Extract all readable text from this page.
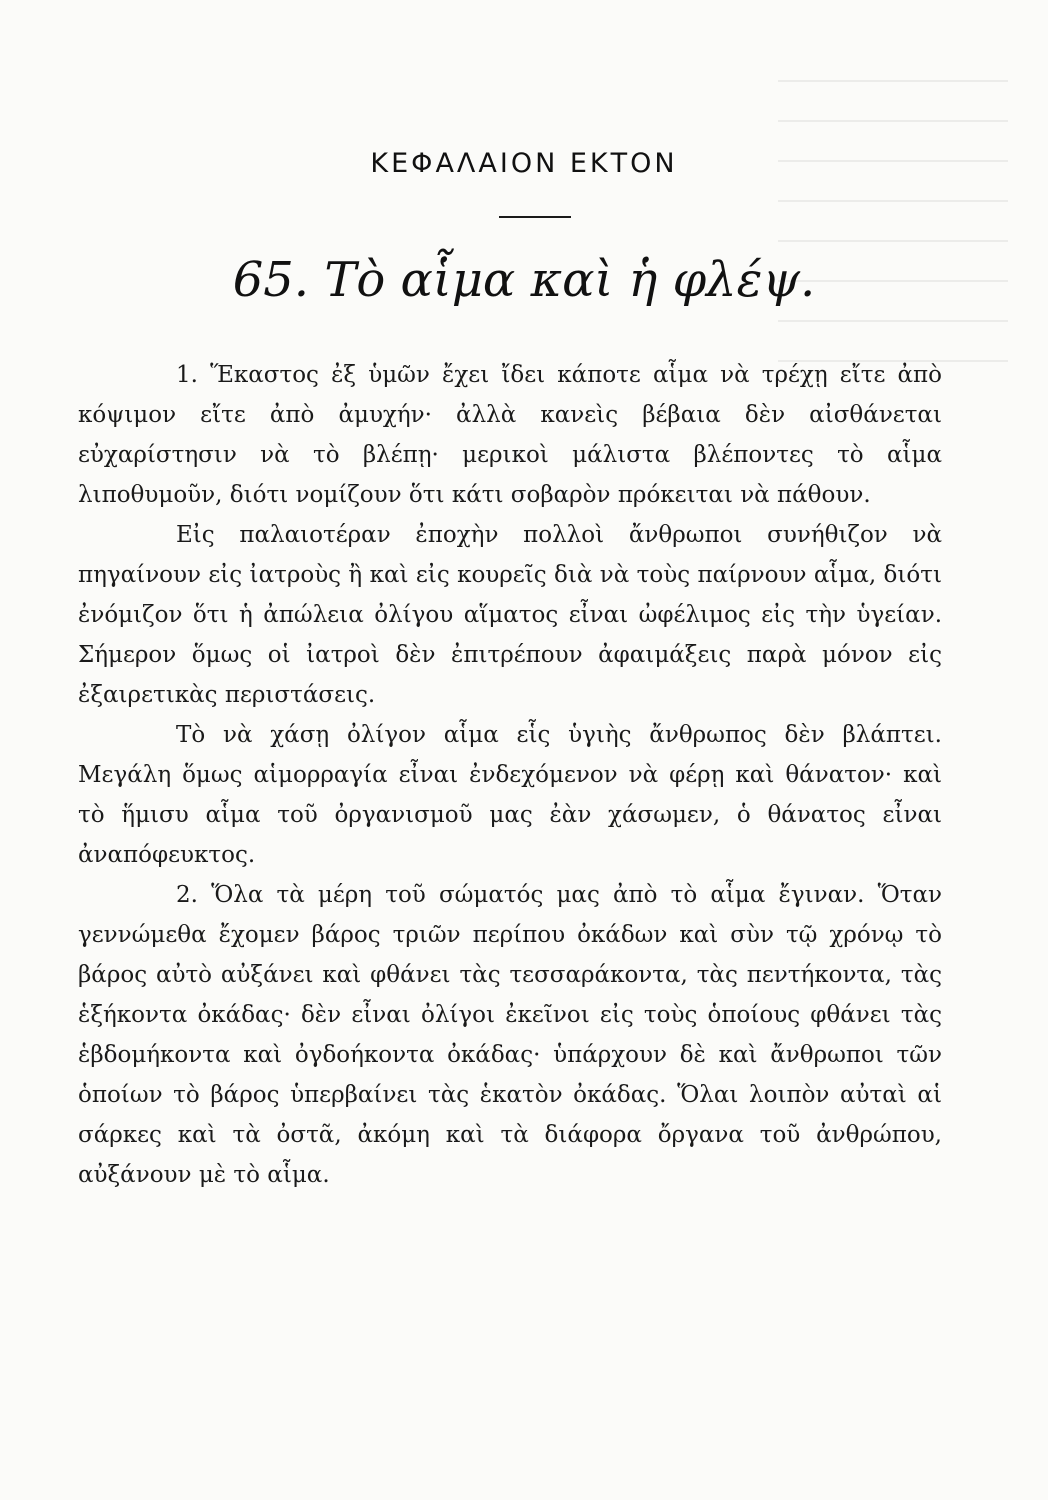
ΚΕΦΑΛΑΙΟΝ ΕΚΤΟΝ
65. Τὸ αἷμα καὶ ἡ φλέψ.

1. Ἕκαστος ἐξ ὑμῶν ἔχει ἴδει κάποτε αἷμα νὰ τρέχῃ εἴτε ἀπὸ κόψιμον εἴτε ἀπὸ ἀμυχήν· ἀλλὰ κανεὶς βέβαια δὲν αἰσθάνεται εὐχαρίστησιν νὰ τὸ βλέπῃ· μερικοὶ μάλιστα βλέποντες τὸ αἷμα λιποθυμοῦν, διότι νομίζουν ὅτι κάτι σοβαρὸν πρόκειται νὰ πάθουν.

Εἰς παλαιοτέραν ἐποχὴν πολλοὶ ἄνθρωποι συνήθιζον νὰ πηγαίνουν εἰς ἰατροὺς ἢ καὶ εἰς κουρεῖς διὰ νὰ τοὺς παίρνουν αἷμα, διότι ἐνόμιζον ὅτι ἡ ἀπώλεια ὀλίγου αἵματος εἶναι ὠφέλιμος εἰς τὴν ὑγείαν. Σήμερον ὅμως οἱ ἰατροὶ δὲν ἐπιτρέπουν ἀφαιμάξεις παρὰ μόνον εἰς ἐξαιρετικὰς περιστάσεις.

Τὸ νὰ χάσῃ ὀλίγον αἷμα εἷς ὑγιὴς ἄνθρωπος δὲν βλάπτει. Μεγάλη ὅμως αἱμορραγία εἶναι ἐνδεχόμενον νὰ φέρῃ καὶ θάνατον· καὶ τὸ ἥμισυ αἷμα τοῦ ὀργανισμοῦ μας ἐὰν χάσωμεν, ὁ θάνατος εἶναι ἀναπόφευκτος.

2. Ὅλα τὰ μέρη τοῦ σώματός μας ἀπὸ τὸ αἷμα ἔγιναν. Ὅταν γεννώμεθα ἔχομεν βάρος τριῶν περίπου ὀκάδων καὶ σὺν τῷ χρόνῳ τὸ βάρος αὐτὸ αὐξάνει καὶ φθάνει τὰς τεσσαράκοντα, τὰς πεντήκοντα, τὰς ἑξήκοντα ὀκάδας· δὲν εἶναι ὀλίγοι ἐκεῖνοι εἰς τοὺς ὁποίους φθάνει τὰς ἑβδομήκοντα καὶ ὀγδοήκοντα ὀκάδας· ὑπάρχουν δὲ καὶ ἄνθρωποι τῶν ὁποίων τὸ βάρος ὑπερβαίνει τὰς ἑκατὸν ὀκάδας. Ὅλαι λοιπὸν αὐταὶ αἱ σάρκες καὶ τὰ ὀστᾶ, ἀκόμη καὶ τὰ διάφορα ὄργανα τοῦ ἀνθρώπου, αὐξάνουν μὲ τὸ αἷμα.
